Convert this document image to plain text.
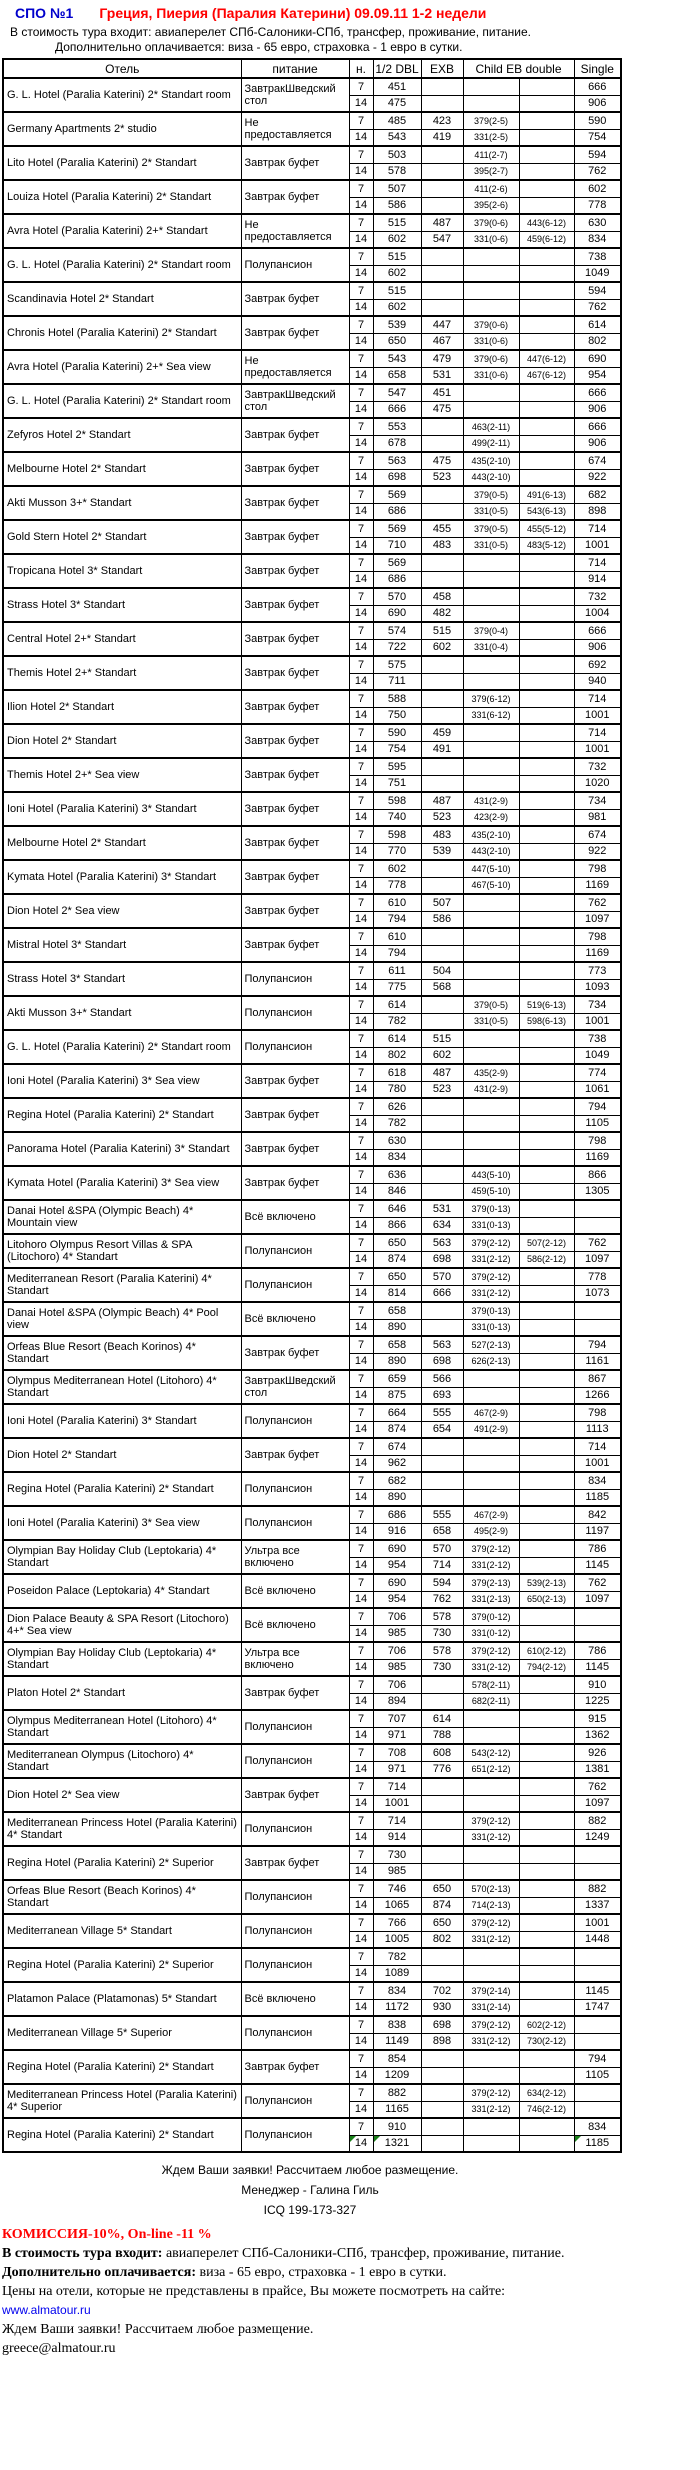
СПО №1 Греция, Пиерия (Паралия Катерини) 09.09.11 1-2 недели
В стоимость тура входит: авиаперелет СПб-Салоники-СПб, трансфер, проживание, питание.
Дополнительно оплачивается: виза - 65 евро, страховка - 1 евро в сутки.
Отель	питание	н.	1/2 DBL	EXB	Child EB double		Single
G. L. Hotel (Paralia Katerini) 2* Standart room	ЗавтракШведский стол	7	451				666
		14	475				906
Germany Apartments 2* studio	Не предоставляется	7	485	423	379(2-5)		590
		14	543	419	331(2-5)		754
Lito Hotel (Paralia Katerini) 2* Standart	Завтрак буфет	7	503		411(2-7)		594
		14	578		395(2-7)		762
Louiza Hotel (Paralia Katerini) 2* Standart	Завтрак буфет	7	507		411(2-6)		602
		14	586		395(2-6)		778
Avra Hotel (Paralia Katerini) 2+* Standart	Не предоставляется	7	515	487	379(0-6)	443(6-12)	630
		14	602	547	331(0-6)	459(6-12)	834
G. L. Hotel (Paralia Katerini) 2* Standart room	Полупансион	7	515				738
		14	602				1049
Scandinavia Hotel 2* Standart	Завтрак буфет	7	515				594
		14	602				762
Chronis Hotel (Paralia Katerini) 2* Standart	Завтрак буфет	7	539	447	379(0-6)		614
		14	650	467	331(0-6)		802
Avra Hotel (Paralia Katerini) 2+* Sea view	Не предоставляется	7	543	479	379(0-6)	447(6-12)	690
		14	658	531	331(0-6)	467(6-12)	954
G. L. Hotel (Paralia Katerini) 2* Standart room	ЗавтракШведский стол	7	547	451			666
		14	666	475			906
Zefyros Hotel 2* Standart	Завтрак буфет	7	553		463(2-11)		666
		14	678		499(2-11)		906
Melbourne Hotel 2* Standart	Завтрак буфет	7	563	475	435(2-10)		674
		14	698	523	443(2-10)		922
Akti Musson 3+* Standart	Завтрак буфет	7	569		379(0-5)	491(6-13)	682
		14	686		331(0-5)	543(6-13)	898
Gold Stern Hotel 2* Standart	Завтрак буфет	7	569	455	379(0-5)	455(5-12)	714
		14	710	483	331(0-5)	483(5-12)	1001
Tropicana Hotel 3* Standart	Завтрак буфет	7	569				714
		14	686				914
Strass Hotel 3* Standart	Завтрак буфет	7	570	458			732
		14	690	482			1004
Central Hotel 2+* Standart	Завтрак буфет	7	574	515	379(0-4)		666
		14	722	602	331(0-4)		906
Themis Hotel 2+* Standart	Завтрак буфет	7	575				692
		14	711				940
Ilion Hotel 2* Standart	Завтрак буфет	7	588		379(6-12)		714
		14	750		331(6-12)		1001
Dion Hotel 2* Standart	Завтрак буфет	7	590	459			714
		14	754	491			1001
Themis Hotel 2+* Sea view	Завтрак буфет	7	595				732
		14	751				1020
Ioni Hotel (Paralia Katerini) 3* Standart	Завтрак буфет	7	598	487	431(2-9)		734
		14	740	523	423(2-9)		981
Melbourne Hotel 2* Standart	Завтрак буфет	7	598	483	435(2-10)		674
		14	770	539	443(2-10)		922
Kymata Hotel (Paralia Katerini) 3* Standart	Завтрак буфет	7	602		447(5-10)		798
		14	778		467(5-10)		1169
Dion Hotel 2* Sea view	Завтрак буфет	7	610	507			762
		14	794	586			1097
Mistral Hotel 3* Standart	Завтрак буфет	7	610				798
		14	794				1169
Strass Hotel 3* Standart	Полупансион	7	611	504			773
		14	775	568			1093
Akti Musson 3+* Standart	Полупансион	7	614		379(0-5)	519(6-13)	734
		14	782		331(0-5)	598(6-13)	1001
G. L. Hotel (Paralia Katerini) 2* Standart room	Полупансион	7	614	515			738
		14	802	602			1049
Ioni Hotel (Paralia Katerini) 3* Sea view	Завтрак буфет	7	618	487	435(2-9)		774
		14	780	523	431(2-9)		1061
Regina Hotel (Paralia Katerini) 2* Standart	Завтрак буфет	7	626				794
		14	782				1105
Panorama Hotel (Paralia Katerini) 3* Standart	Завтрак буфет	7	630				798
		14	834				1169
Kymata Hotel (Paralia Katerini) 3* Sea view	Завтрак буфет	7	636		443(5-10)		866
		14	846		459(5-10)		1305
Danai Hotel &SPA (Olympic Beach) 4* Mountain view	Всё включено	7	646	531	379(0-13)		
		14	866	634	331(0-13)		
Litohoro Olympus Resort Villas & SPA (Litochoro) 4* Standart	Полупансион	7	650	563	379(2-12)	507(2-12)	762
		14	874	698	331(2-12)	586(2-12)	1097
Mediterranean Resort (Paralia Katerini) 4* Standart	Полупансион	7	650	570	379(2-12)		778
		14	814	666	331(2-12)		1073
Danai Hotel &SPA (Olympic Beach) 4* Pool view	Всё включено	7	658		379(0-13)		
		14	890		331(0-13)		
Orfeas Blue Resort (Beach Korinos) 4* Standart	Завтрак буфет	7	658	563	527(2-13)		794
		14	890	698	626(2-13)		1161
Olympus Mediterranean Hotel (Litohoro) 4* Standart	ЗавтракШведский стол	7	659	566			867
		14	875	693			1266
Ioni Hotel (Paralia Katerini) 3* Standart	Полупансион	7	664	555	467(2-9)		798
		14	874	654	491(2-9)		1113
Dion Hotel 2* Standart	Завтрак буфет	7	674				714
		14	962				1001
Regina Hotel (Paralia Katerini) 2* Standart	Полупансион	7	682				834
		14	890				1185
Ioni Hotel (Paralia Katerini) 3* Sea view	Полупансион	7	686	555	467(2-9)		842
		14	916	658	495(2-9)		1197
Olympian Bay Holiday Club (Leptokaria) 4* Standart	Ультра все включено	7	690	570	379(2-12)		786
		14	954	714	331(2-12)		1145
Poseidon Palace (Leptokaria) 4* Standart	Всё включено	7	690	594	379(2-13)	539(2-13)	762
		14	954	762	331(2-13)	650(2-13)	1097
Dion Palace Beauty & SPA Resort (Litochoro) 4+* Sea view	Всё включено	7	706	578	379(0-12)		
		14	985	730	331(0-12)		
Olympian Bay Holiday Club (Leptokaria) 4* Standart	Ультра все включено	7	706	578	379(2-12)	610(2-12)	786
		14	985	730	331(2-12)	794(2-12)	1145
Platon Hotel 2* Standart	Завтрак буфет	7	706		578(2-11)		910
		14	894		682(2-11)		1225
Olympus Mediterranean Hotel (Litohoro) 4* Standart	Полупансион	7	707	614			915
		14	971	788			1362
Mediterranean Olympus (Litochoro) 4* Standart	Полупансион	7	708	608	543(2-12)		926
		14	971	776	651(2-12)		1381
Dion Hotel 2* Sea view	Завтрак буфет	7	714				762
		14	1001				1097
Mediterranean Princess Hotel (Paralia Katerini) 4* Standart	Полупансион	7	714		379(2-12)		882
		14	914		331(2-12)		1249
Regina Hotel (Paralia Katerini) 2* Superior	Завтрак буфет	7	730				
		14	985				
Orfeas Blue Resort (Beach Korinos) 4* Standart	Полупансион	7	746	650	570(2-13)		882
		14	1065	874	714(2-13)		1337
Mediterranean Village 5* Standart	Полупансион	7	766	650	379(2-12)		1001
		14	1005	802	331(2-12)		1448
Regina Hotel (Paralia Katerini) 2* Superior	Полупансион	7	782				
		14	1089				
Platamon Palace (Platamonas) 5* Standart	Всё включено	7	834	702	379(2-14)		1145
		14	1172	930	331(2-14)		1747
Mediterranean Village 5* Superior	Полупансион	7	838	698	379(2-12)	602(2-12)	
		14	1149	898	331(2-12)	730(2-12)	
Regina Hotel (Paralia Katerini) 2* Standart	Завтрак буфет	7	854				794
		14	1209				1105
Mediterranean Princess Hotel (Paralia Katerini) 4* Superior	Полупансион	7	882		379(2-12)	634(2-12)	
		14	1165		331(2-12)	746(2-12)	
Regina Hotel (Paralia Katerini) 2* Standart	Полупансион	7	910				834
		14	1321				1185
Ждем Ваши заявки! Рассчитаем любое размещение.
Менеджер - Галина Гиль
ICQ 199-173-327
КОМИССИЯ-10%, On-line -11 %
В стоимость тура входит: авиаперелет СПб-Салоники-СПб, трансфер, проживание, питание.
Дополнительно оплачивается: виза - 65 евро, страховка - 1 евро в сутки.
Цены на отели, которые не представлены в прайсе, Вы можете посмотреть на сайте:
www.almatour.ru
Ждем Ваши заявки! Рассчитаем любое размещение.
greece@almatour.ru
